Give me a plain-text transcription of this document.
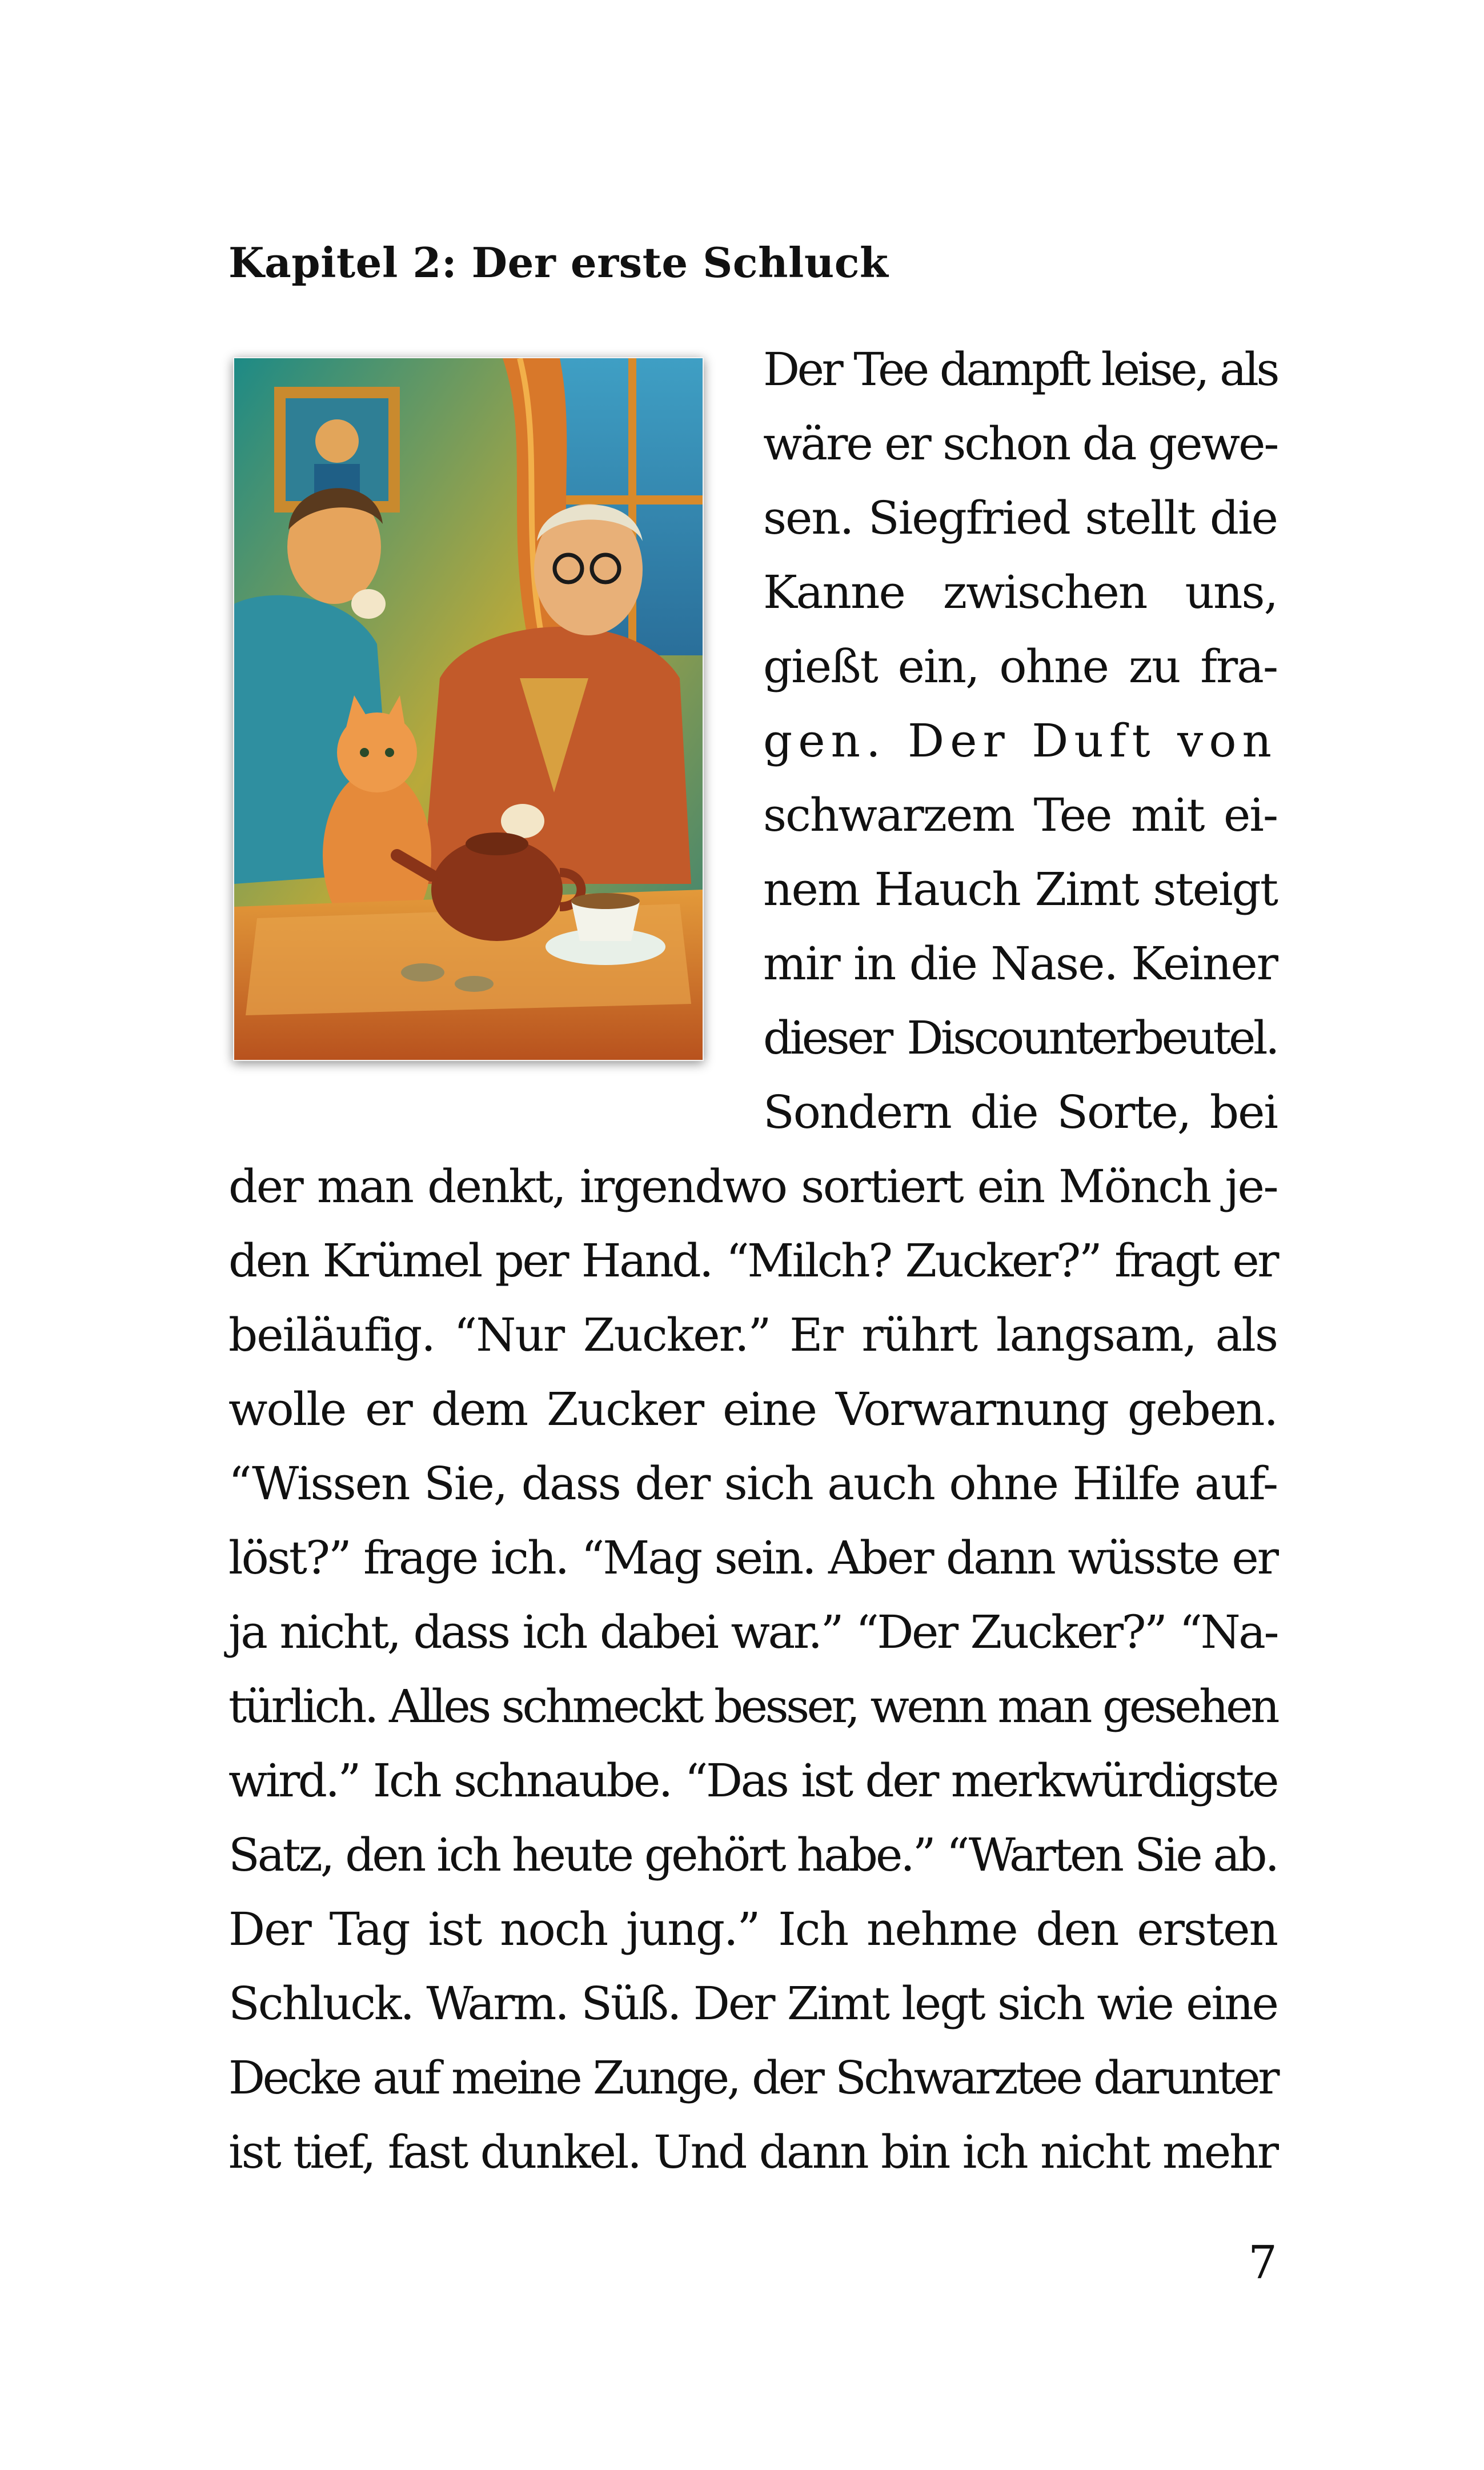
Kapitel 2: Der erste Schluck
Der Tee dampft leise, als
wäre er schon da gewe-
sen. Siegfried stellt die
Kanne zwischen uns,
gießt ein, ohne zu fra-
gen. Der Duft von
schwarzem Tee mit ei-
nem Hauch Zimt steigt
mir in die Nase. Keiner
dieser Discounterbeutel.
Sondern die Sorte, bei
der man denkt, irgendwo sortiert ein Mönch je-
den Krümel per Hand. “Milch? Zucker?” fragt er
beiläufig. “Nur Zucker.” Er rührt langsam, als
wolle er dem Zucker eine Vorwarnung geben.
“Wissen Sie, dass der sich auch ohne Hilfe auf-
löst?” frage ich. “Mag sein. Aber dann wüsste er
ja nicht, dass ich dabei war.” “Der Zucker?” “Na-
türlich. Alles schmeckt besser, wenn man gesehen
wird.” Ich schnaube. “Das ist der merkwürdigste
Satz, den ich heute gehört habe.” “Warten Sie ab.
Der Tag ist noch jung.” Ich nehme den ersten
Schluck. Warm. Süß. Der Zimt legt sich wie eine
Decke auf meine Zunge, der Schwarztee darunter
ist tief, fast dunkel. Und dann bin ich nicht mehr
7
